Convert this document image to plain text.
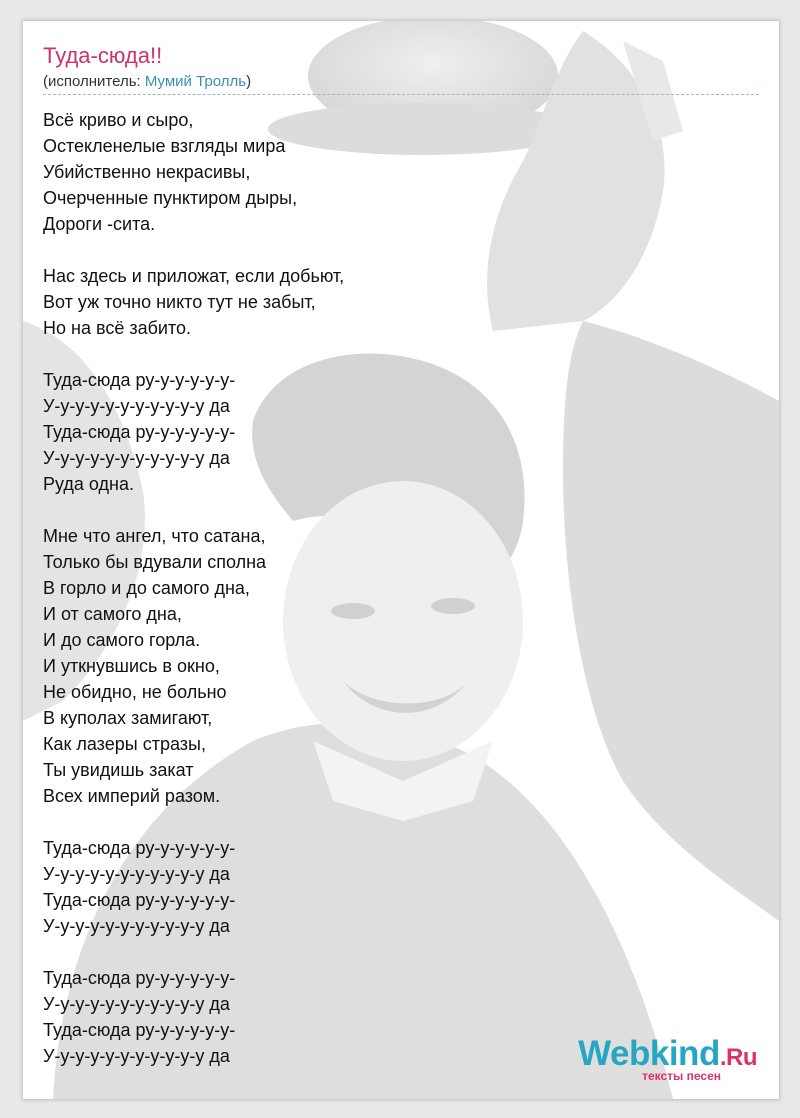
Туда-сюда!!
(исполнитель: Мумий Тролль)
Всё криво и сыро,
Остекленелые взгляды мира
Убийственно некрасивы,
Очерченные пунктиром дыры,
Дороги -сита.
Нас здесь и приложат, если добьют,
Вот уж точно никто тут не забыт,
Но на всё забито.
Туда-сюда ру-у-у-у-у-у-
У-у-у-у-у-у-у-у-у-у-у да
Туда-сюда ру-у-у-у-у-у-
У-у-у-у-у-у-у-у-у-у-у да
Руда одна.
Мне что ангел, что сатана,
Только бы вдували сполна
В горло и до самого дна,
И от самого дна,
И до самого горла.
И уткнувшись в окно,
Не обидно, не больно
В куполах замигают,
Как лазеры стразы,
Ты увидишь закат
Всех империй разом.
Туда-сюда ру-у-у-у-у-у-
У-у-у-у-у-у-у-у-у-у-у да
Туда-сюда ру-у-у-у-у-у-
У-у-у-у-у-у-у-у-у-у-у да
Туда-сюда ру-у-у-у-у-у-
У-у-у-у-у-у-у-у-у-у-у да
Туда-сюда ру-у-у-у-у-у-
У-у-у-у-у-у-у-у-у-у-у да	Webkind.Ru
тексты песен
